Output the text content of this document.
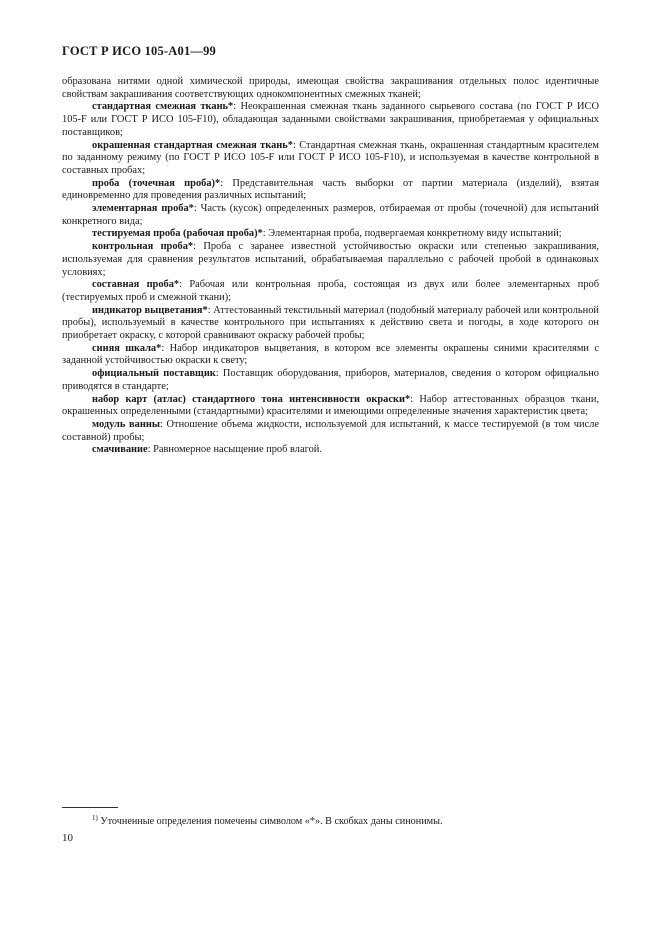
ГОСТ Р ИСО 105-А01—99

образована нитями одной химической природы, имеющая свойства закрашивания отдельных полос идентичные свойствам закрашивания соответствующих однокомпонентных смежных тканей;

стандартная смежная ткань*: Неокрашенная смежная ткань заданного сырьевого состава (по ГОСТ Р ИСО 105-F или ГОСТ Р ИСО 105-F10), обладающая заданными свойствами закрашивания, приобретаемая у официальных поставщиков;

окрашенная стандартная смежная ткань*: Стандартная смежная ткань, окрашенная стандартным красителем по заданному режиму (по ГОСТ Р ИСО 105-F или ГОСТ Р ИСО 105-F10), и используемая в качестве контрольной в составных пробах;

проба (точечная проба)*: Представительная часть выборки от партии материала (изделий), взятая единовременно для проведения различных испытаний;

элементарная проба*: Часть (кусок) определенных размеров, отбираемая от пробы (точечной) для испытаний конкретного вида;

тестируемая проба (рабочая проба)*: Элементарная проба, подвергаемая конкретному виду испытаний;

контрольная проба*: Проба с заранее известной устойчивостью окраски или степенью закрашивания, используемая для сравнения результатов испытаний, обрабатываемая параллельно с рабочей пробой в одинаковых условиях;

составная проба*: Рабочая или контрольная проба, состоящая из двух или более элементарных проб (тестируемых проб и смежной ткани);

индикатор выцветания*: Аттестованный текстильный материал (подобный материалу рабочей или контрольной пробы), используемый в качестве контрольного при испытаниях к действию света и погоды, в ходе которого он приобретает окраску, с которой сравнивают окраску рабочей пробы;

синяя шкала*: Набор индикаторов выцветания, в котором все элементы окрашены синими красителями с заданной устойчивостью окраски к свету;

официальный поставщик: Поставщик оборудования, приборов, материалов, сведения о котором официально приводятся в стандарте;

набор карт (атлас) стандартного тона интенсивности окраски*: Набор аттестованных образцов ткани, окрашенных определенными (стандартными) красителями и имеющими определенные значения характеристик цвета;

модуль ванны: Отношение объема жидкости, используемой для испытаний, к массе тестируемой (в том числе составной) пробы;

смачивание: Равномерное насыщение проб влагой.

$^{1)}$ Уточненные определения помечены символом «*». В скобках даны синонимы.
10
